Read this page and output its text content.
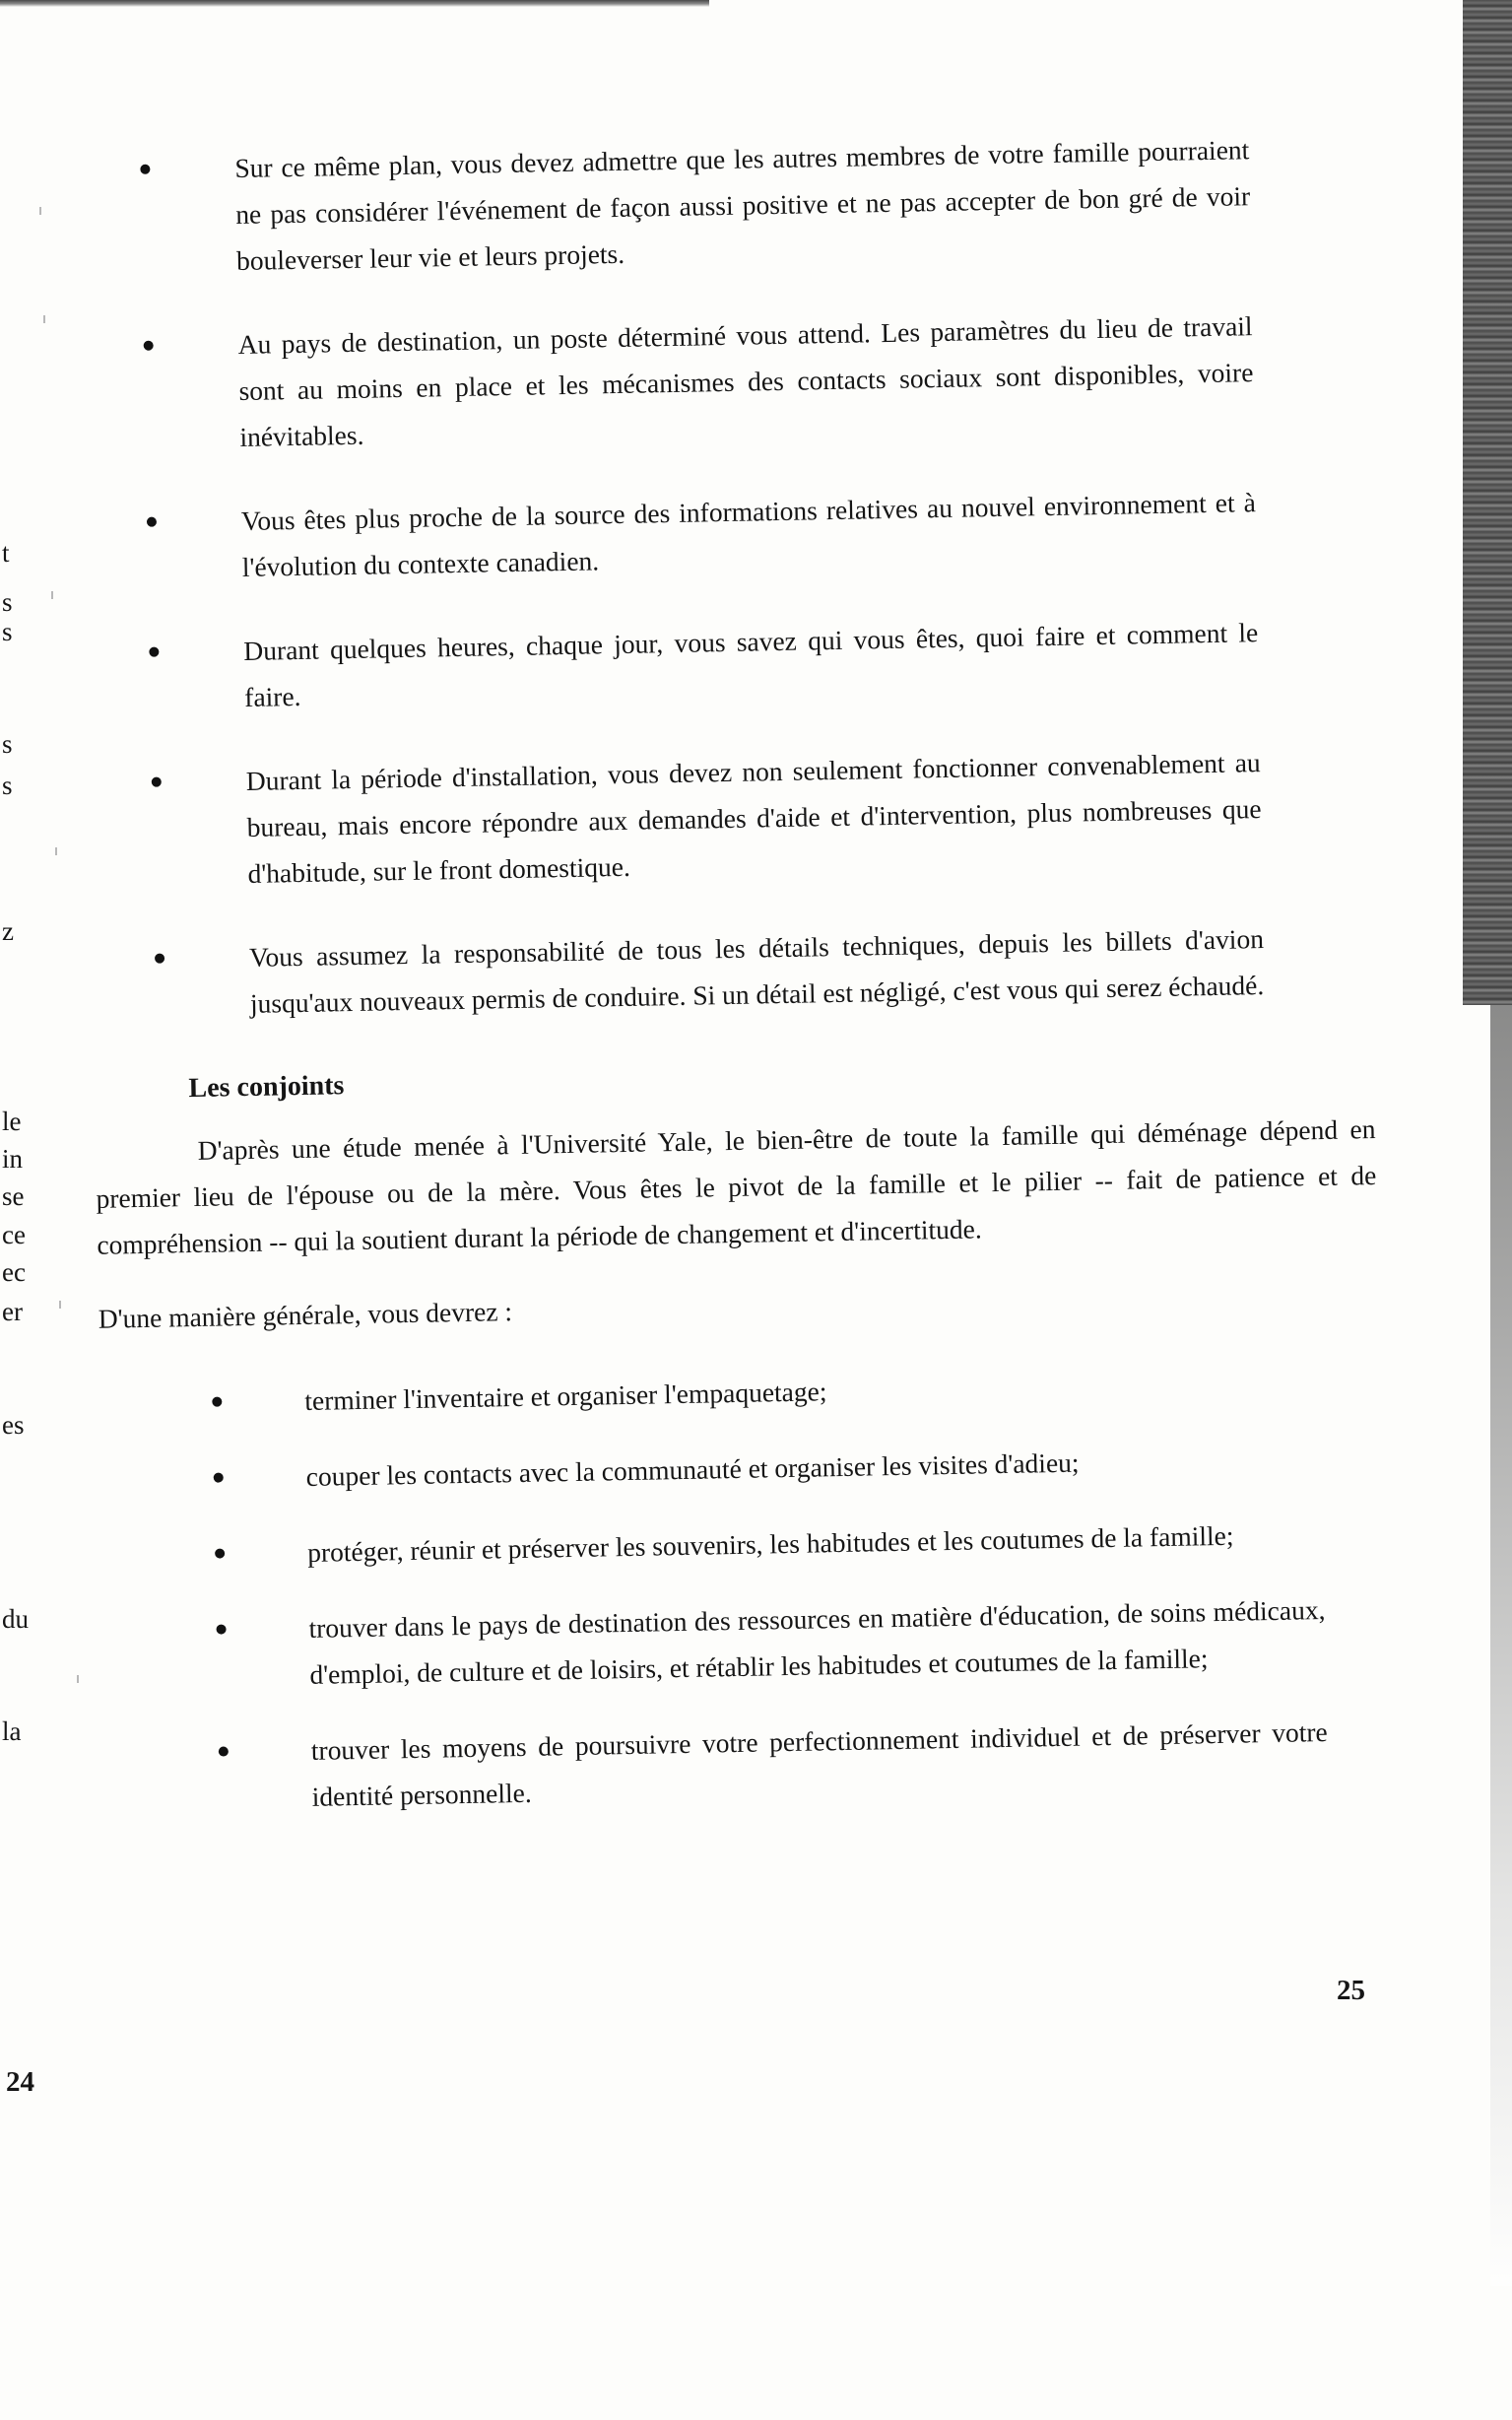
t
s
s
s
s
z
le
in
se
ce
ec
er
es
du
la
24
Sur ce même plan, vous devez admettre que les autres membres de votre famille pourraient ne pas considérer l'événement de façon aussi positive et ne pas accepter de bon gré de voir bouleverser leur vie et leurs projets.
Au pays de destination, un poste déterminé vous attend. Les paramètres du lieu de travail sont au moins en place et les mécanismes des contacts sociaux sont disponibles, voire inévitables.
Vous êtes plus proche de la source des informations relatives au nouvel environnement et à l'évolution du contexte canadien.
Durant quelques heures, chaque jour, vous savez qui vous êtes, quoi faire et comment le faire.
Durant la période d'installation, vous devez non seulement fonctionner convenablement au bureau, mais encore répondre aux demandes d'aide et d'intervention, plus nombreuses que d'habitude, sur le front domestique.
Vous assumez la responsabilité de tous les détails techniques, depuis les billets d'avion jusqu'aux nouveaux permis de conduire. Si un détail est négligé, c'est vous qui serez échaudé.
Les conjoints

D'après une étude menée à l'Université Yale, le bien-être de toute la famille qui déménage dépend en premier lieu de l'épouse ou de la mère. Vous êtes le pivot de la famille et le pilier -- fait de patience et de compréhension -- qui la soutient durant la période de changement et d'incertitude.

D'une manière générale, vous devrez :

terminer l'inventaire et organiser l'empaquetage;
couper les contacts avec la communauté et organiser les visites d'adieu;
protéger, réunir et préserver les souvenirs, les habitudes et les coutumes de la famille;
trouver dans le pays de destination des ressources en matière d'éducation, de soins médicaux, d'emploi, de culture et de loisirs, et rétablir les habitudes et coutumes de la famille;
trouver les moyens de poursuivre votre perfectionnement individuel et de préserver votre identité personnelle.
25
